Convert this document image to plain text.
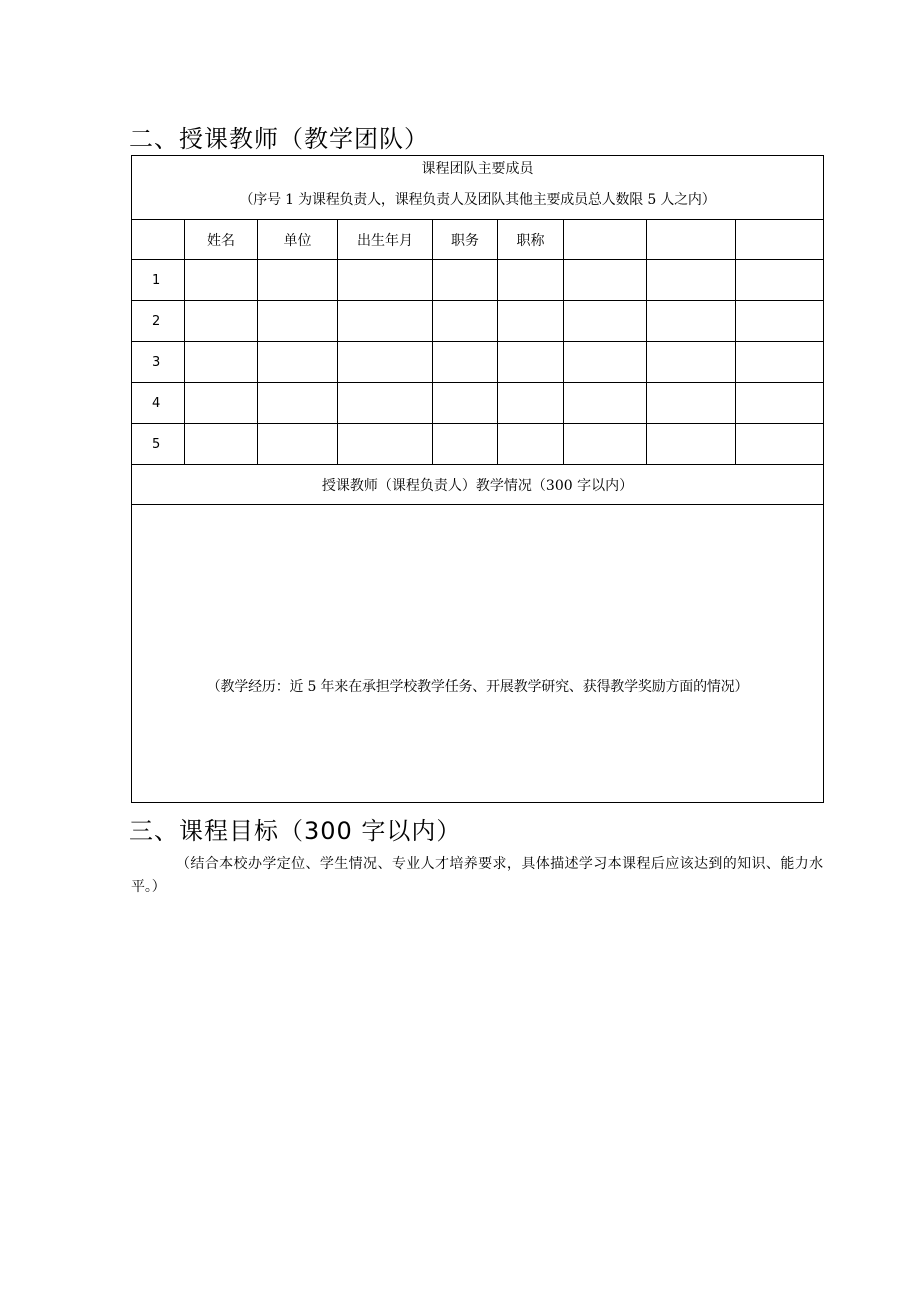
二、授课教师（教学团队）
课程团队主要成员
（序号 1 为课程负责人，课程负责人及团队其他主要成员总人数限 5 人之内）								

	姓名	单位	出生年月	职务	职称			
1								
2								
3								
4								
5								
授课教师（课程负责人）教学情况（300 字以内）								

（教学经历：近 5 年来在承担学校教学任务、开展教学研究、获得教学奖励方面的情况）								
三、课程目标（300 字以内）

（结合本校办学定位、学生情况、专业人才培养要求，具体描述学习本课程后应该达到的知识、能力水平。）
